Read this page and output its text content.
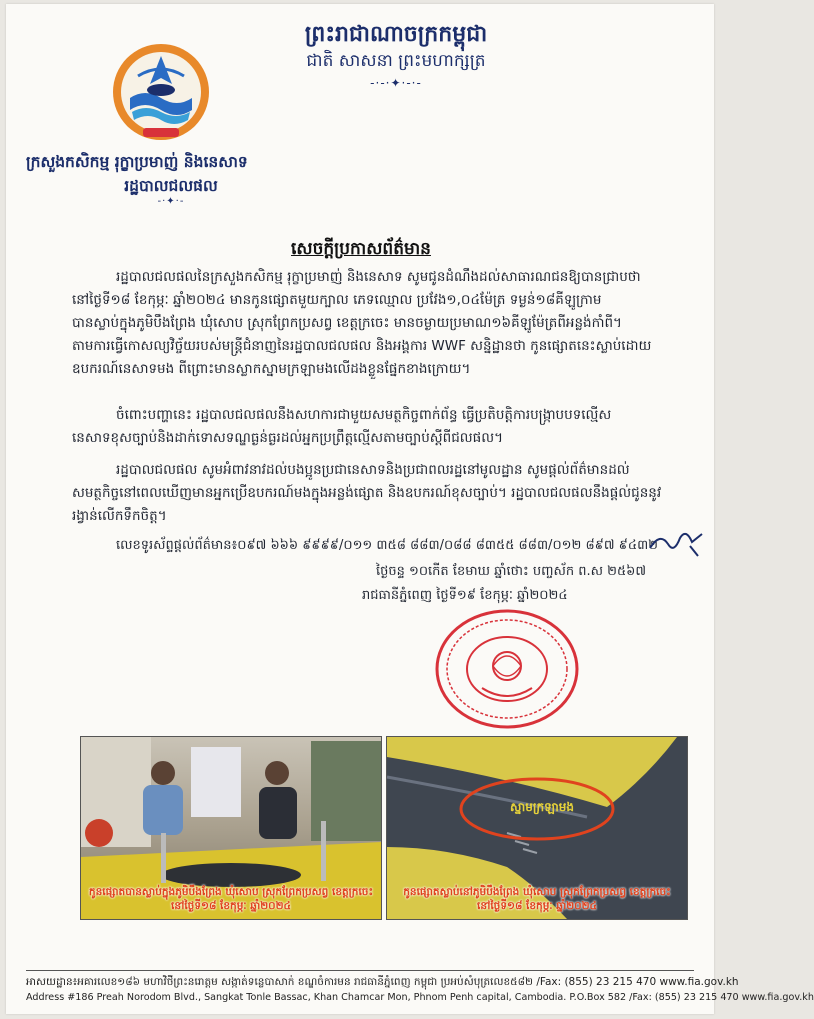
ព្រះរាជាណាចក្រកម្ពុជា
ជាតិ សាសនា ព្រះមហាក្សត្រ
-·-·✦·-·-
ក្រសួងកសិកម្ម រុក្ខាប្រមាញ់ និងនេសាទ
រដ្ឋបាលជលផល
-·✦·-
សេចក្តីប្រកាសព័ត៌មាន
រដ្ឋបាលជលផលនៃក្រសួងកសិកម្ម រុក្ខាប្រមាញ់ និងនេសាទ សូមជូនដំណឹងដល់សាធារណជនឱ្យបានជ្រាបថា
នៅថ្ងៃទី១៨ ខែកុម្ភៈ ឆ្នាំ២០២៤ មានកូនផ្សោតមួយក្បាល ភេទឈ្មោល ប្រវែង១,០៤ម៉ែត្រ ទម្ងន់១៨គីឡូក្រាម
បានស្លាប់ក្នុងភូមិបឹងព្រែង ឃុំសោប ស្រុកព្រែកប្រសព្វ ខេត្តក្រចេះ មានចម្ងាយប្រមាណ១៦គីឡូម៉ែត្រពីអន្លង់កាំពី។
តាមការធ្វើកោសល្យវិច្ច័យរបស់មន្រ្តីជំនាញនៃរដ្ឋបាលជលផល និងអង្គការ WWF សន្និដ្ឋានថា កូនផ្សោតនេះស្លាប់ដោយ
ឧបករណ៍នេសាទមង ពីព្រោះមានស្លាកស្នាមក្រឡាមងលើដងខ្លួនផ្នែកខាងក្រោយ។
ចំពោះបញ្ហានេះ រដ្ឋបាលជលផលនឹងសហការជាមួយសមត្ថកិច្ចពាក់ព័ន្ធ ធ្វើប្រតិបត្តិការបង្រ្កាបបទល្មើស
នេសាទខុសច្បាប់និងដាក់ទោសទណ្ឌធ្ងន់ធ្ងរដល់អ្នកប្រព្រឹត្តល្មើសតាមច្បាប់ស្តីពីជលផល។
រដ្ឋបាលជលផល សូមអំពាវនាវដល់បងប្អូនប្រជានេសាទនិងប្រជាពលរដ្ឋនៅមូលដ្ឋាន សូមផ្តល់ព័ត៌មានដល់
សមត្ថកិច្ចនៅពេលឃើញមានអ្នកប្រើឧបករណ៍មងក្នុងអន្លង់ផ្សោត និងឧបករណ៍ខុសច្បាប់។ រដ្ឋបាលជលផលនឹងផ្តល់ជូននូវ
រង្វាន់លើកទឹកចិត្ត។
លេខទូរស័ព្ទផ្តល់ព័ត៌មាន៖០៩៧ ៦៦៦ ៩៩៩៩/០១១ ៣៥៨ ៨៨៣/០៨៨ ៨៣៥៥ ៨៨៣/០១២ ៨៩៧ ៩៤៣២
ថ្ងៃចន្ទ ១០កើត ខែមាឃ ឆ្នាំថោះ បញ្ចស័ក ព.ស ២៥៦៧
រាជធានីភ្នំពេញ ថ្ងៃទី១៩ ខែកុម្ភៈ ឆ្នាំ២០២៤
កូនផ្សោតបានស្លាប់ក្នុងភូមិបឹងព្រែង ឃុំសោប ស្រុកព្រែកប្រសព្វ ខេត្តក្រចេះ
នៅថ្ងៃទី១៨ ខែកុម្ភៈ ឆ្នាំ២០២៤
ស្នាមក្រឡាមង
កូនផ្សោតស្លាប់នៅភូមិបឹងព្រែង ឃុំសោប ស្រុកព្រែកប្រសព្វ ខេត្តក្រចេះ
នៅថ្ងៃទី១៨ ខែកុម្ភៈ ឆ្នាំ២០២៤
អាសយដ្ឋាន៖អគារលេខ១៨៦ មហាវិថីព្រះនរោត្តម សង្កាត់ទន្លេបាសាក់ ខណ្ឌចំការមន រាជធានីភ្នំពេញ កម្ពុជា ប្រអប់សំបុត្រលេខ៥៨២ /Fax: (855) 23 215 470 www.fia.gov.kh
Address #186 Preah Norodom Blvd., Sangkat Tonle Bassac, Khan Chamcar Mon, Phnom Penh capital, Cambodia. P.O.Box 582 /Fax: (855) 23 215 470 www.fia.gov.kh
